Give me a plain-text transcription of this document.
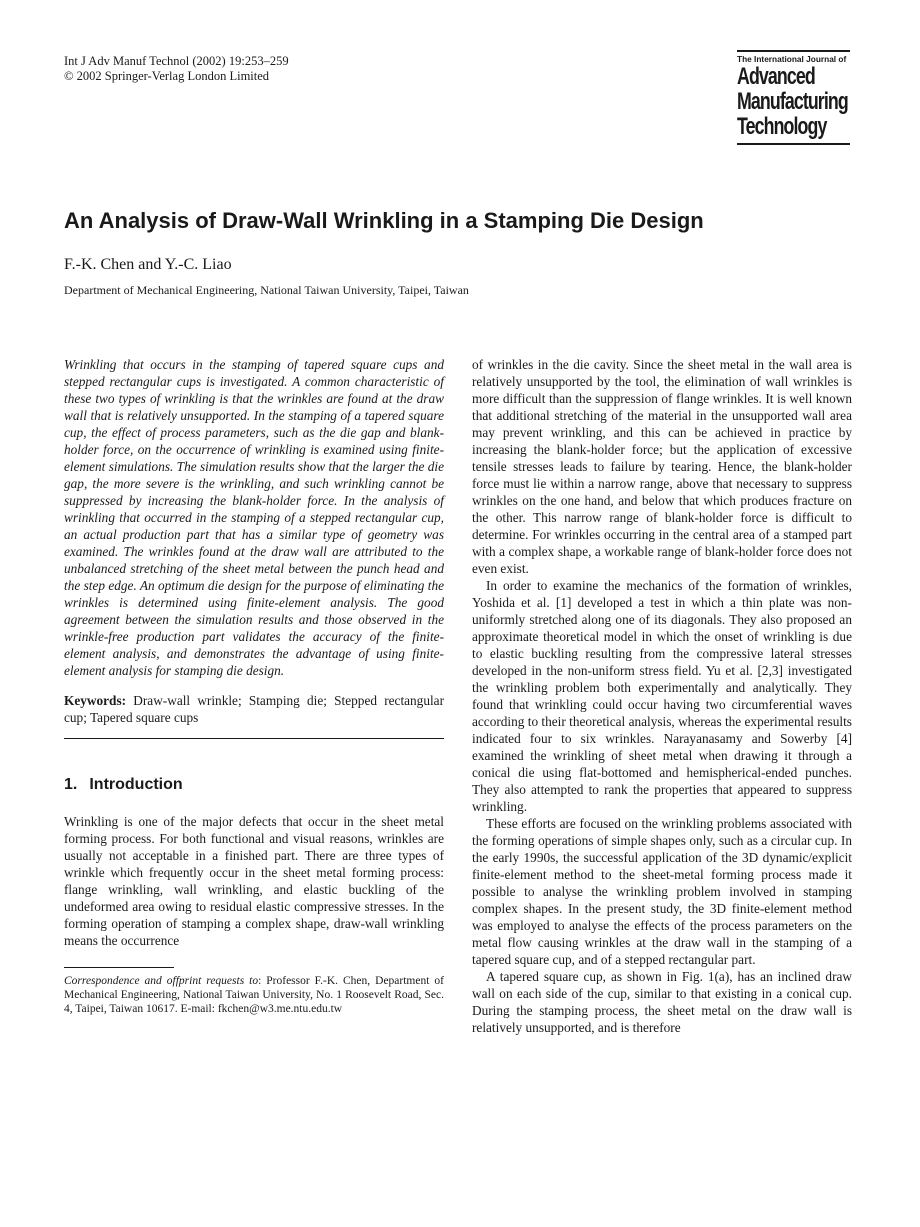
Int J Adv Manuf Technol (2002) 19:253–259
© 2002 Springer-Verlag London Limited
The International Journal of
Advanced
Manufacturing
Technology
An Analysis of Draw-Wall Wrinkling in a Stamping Die Design
F.-K. Chen and Y.-C. Liao
Department of Mechanical Engineering, National Taiwan University, Taipei, Taiwan

Wrinkling that occurs in the stamping of tapered square cups and stepped rectangular cups is investigated. A common characteristic of these two types of wrinkling is that the wrinkles are found at the draw wall that is relatively unsupported. In the stamping of a tapered square cup, the effect of process parameters, such as the die gap and blank-holder force, on the occurrence of wrinkling is examined using finite-element simulations. The simulation results show that the larger the die gap, the more severe is the wrinkling, and such wrinkling cannot be suppressed by increasing the blank-holder force. In the analysis of wrinkling that occurred in the stamping of a stepped rectangular cup, an actual production part that has a similar type of geometry was examined. The wrinkles found at the draw wall are attributed to the unbalanced stretching of the sheet metal between the punch head and the step edge. An optimum die design for the purpose of eliminating the wrinkles is determined using finite-element analysis. The good agreement between the simulation results and those observed in the wrinkle-free production part validates the accuracy of the finite-element analysis, and demonstrates the advantage of using finite-element analysis for stamping die design.

Keywords: Draw-wall wrinkle; Stamping die; Stepped rectangular cup; Tapered square cups

1. Introduction

Wrinkling is one of the major defects that occur in the sheet metal forming process. For both functional and visual reasons, wrinkles are usually not acceptable in a finished part. There are three types of wrinkle which frequently occur in the sheet metal forming process: flange wrinkling, wall wrinkling, and elastic buckling of the undeformed area owing to residual elastic compressive stresses. In the forming operation of stamping a complex shape, draw-wall wrinkling means the occurrence

Correspondence and offprint requests to: Professor F.-K. Chen, Department of Mechanical Engineering, National Taiwan University, No. 1 Roosevelt Road, Sec. 4, Taipei, Taiwan 10617. E-mail: fkchen@w3.me.ntu.edu.tw

of wrinkles in the die cavity. Since the sheet metal in the wall area is relatively unsupported by the tool, the elimination of wall wrinkles is more difficult than the suppression of flange wrinkles. It is well known that additional stretching of the material in the unsupported wall area may prevent wrinkling, and this can be achieved in practice by increasing the blank-holder force; but the application of excessive tensile stresses leads to failure by tearing. Hence, the blank-holder force must lie within a narrow range, above that necessary to suppress wrinkles on the one hand, and below that which produces fracture on the other. This narrow range of blank-holder force is difficult to determine. For wrinkles occurring in the central area of a stamped part with a complex shape, a workable range of blank-holder force does not even exist.

In order to examine the mechanics of the formation of wrinkles, Yoshida et al. [1] developed a test in which a thin plate was non-uniformly stretched along one of its diagonals. They also proposed an approximate theoretical model in which the onset of wrinkling is due to elastic buckling resulting from the compressive lateral stresses developed in the non-uniform stress field. Yu et al. [2,3] investigated the wrinkling problem both experimentally and analytically. They found that wrinkling could occur having two circumferential waves according to their theoretical analysis, whereas the experimental results indicated four to six wrinkles. Narayanasamy and Sowerby [4] examined the wrinkling of sheet metal when drawing it through a conical die using flat-bottomed and hemispherical-ended punches. They also attempted to rank the properties that appeared to suppress wrinkling.

These efforts are focused on the wrinkling problems associated with the forming operations of simple shapes only, such as a circular cup. In the early 1990s, the successful application of the 3D dynamic/explicit finite-element method to the sheet-metal forming process made it possible to analyse the wrinkling problem involved in stamping complex shapes. In the present study, the 3D finite-element method was employed to analyse the effects of the process parameters on the metal flow causing wrinkles at the draw wall in the stamping of a tapered square cup, and of a stepped rectangular part.

A tapered square cup, as shown in Fig. 1(a), has an inclined draw wall on each side of the cup, similar to that existing in a conical cup. During the stamping process, the sheet metal on the draw wall is relatively unsupported, and is therefore
